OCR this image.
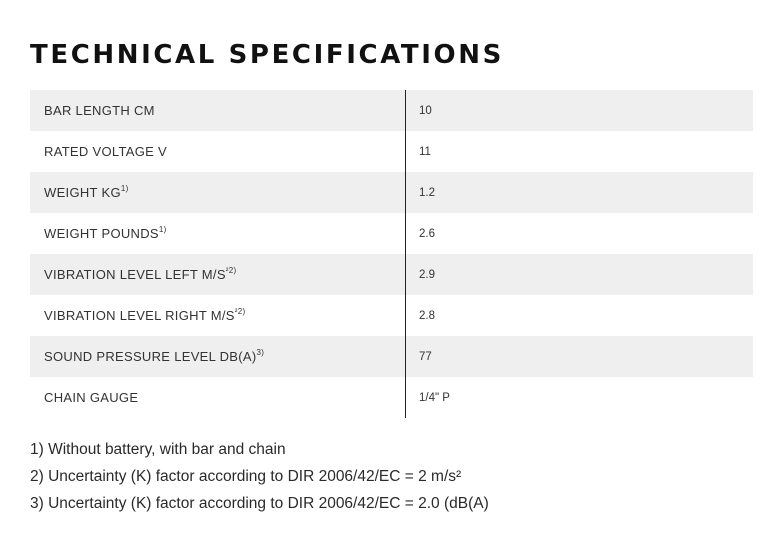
TECHNICAL SPECIFICATIONS
BAR LENGTH CM	10
RATED VOLTAGE V	11
WEIGHT KG$^{1)}$	1.2
WEIGHT POUNDS$^{1)}$	2.6
VIBRATION LEVEL LEFT $M/S^{^22)}$	2.9
VIBRATION LEVEL RIGHT $M/S^{^22)}$	2.8
SOUND PRESSURE LEVEL $DB(A)^{3)}$	77
CHAIN GAUGE	1/4" P
1) Without battery, with bar and chain
2) Uncertainty (K) factor according to DIR 2006/42/EC = 2 m/s²
3) Uncertainty (K) factor according to DIR 2006/42/EC = 2.0 (dB(A)
